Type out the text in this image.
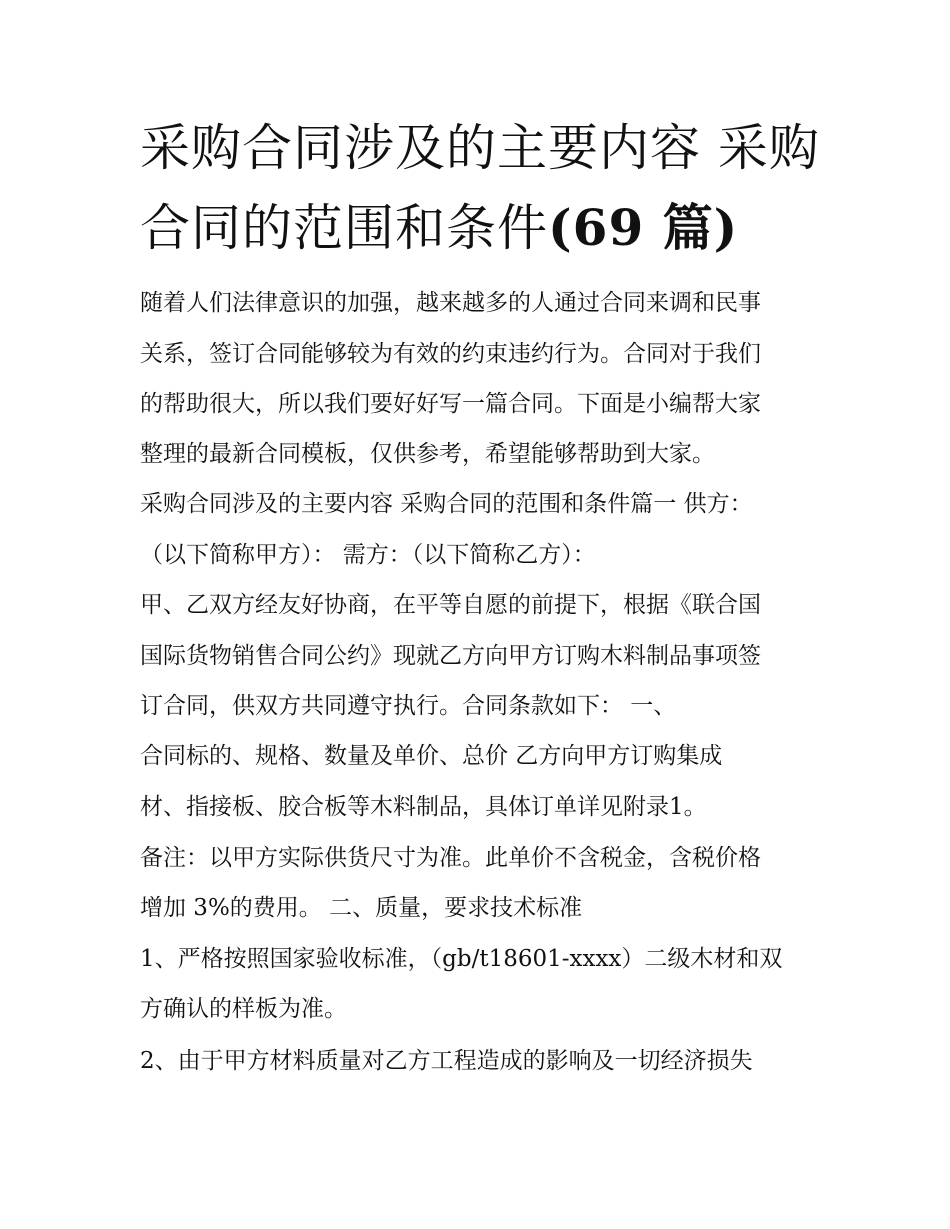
采购合同涉及的主要内容 采购合同的范围和条件(69 篇)

随着人们法律意识的加强，越来越多的人通过合同来调和民事

关系，签订合同能够较为有效的约束违约行为。合同对于我们

的帮助很大，所以我们要好好写一篇合同。下面是小编帮大家

整理的最新合同模板，仅供参考，希望能够帮助到大家。

采购合同涉及的主要内容 采购合同的范围和条件篇一 供方：

（以下简称甲方）： 需方：（以下简称乙方）：

甲、乙双方经友好协商，在平等自愿的前提下，根据《联合国

国际货物销售合同公约》现就乙方向甲方订购木料制品事项签

订合同，供双方共同遵守执行。合同条款如下： 一、

合同标的、规格、数量及单价、总价 乙方向甲方订购集成

材、指接板、胶合板等木料制品，具体订单详见附录1。

备注：以甲方实际供货尺寸为准。此单价不含税金，含税价格

增加 3%的费用。 二、质量，要求技术标准

1、严格按照国家验收标准，（gb/t18601-xxxx）二级木材和双

方确认的样板为准。

2、由于甲方材料质量对乙方工程造成的影响及一切经济损失
